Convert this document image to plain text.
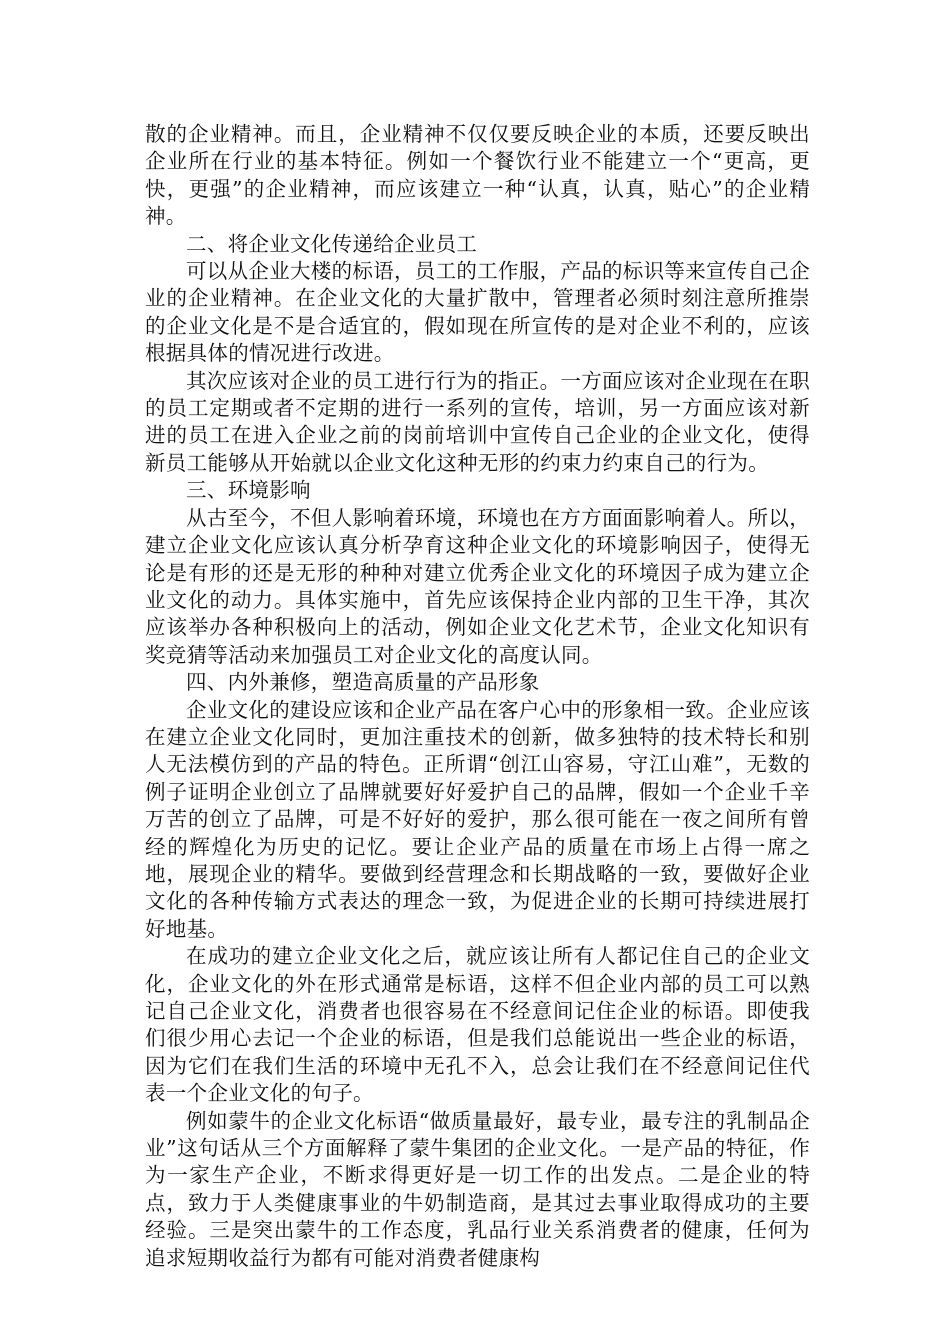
散的企业精神。而且，企业精神不仅仅要反映企业的本质，还要反映出企业所在行业的基本特征。例如一个餐饮行业不能建立一个“更高，更快，更强”的企业精神，而应该建立一种“认真，认真，贴心”的企业精神。

二、将企业文化传递给企业员工

可以从企业大楼的标语，员工的工作服，产品的标识等来宣传自己企业的企业精神。在企业文化的大量扩散中，管理者必须时刻注意所推崇的企业文化是不是合适宜的，假如现在所宣传的是对企业不利的，应该根据具体的情况进行改进。

其次应该对企业的员工进行行为的指正。一方面应该对企业现在在职的员工定期或者不定期的进行一系列的宣传，培训，另一方面应该对新进的员工在进入企业之前的岗前培训中宣传自己企业的企业文化，使得新员工能够从开始就以企业文化这种无形的约束力约束自己的行为。

三、环境影响

从古至今，不但人影响着环境，环境也在方方面面影响着人。所以，建立企业文化应该认真分析孕育这种企业文化的环境影响因子，使得无论是有形的还是无形的种种对建立优秀企业文化的环境因子成为建立企业文化的动力。具体实施中，首先应该保持企业内部的卫生干净，其次应该举办各种积极向上的活动，例如企业文化艺术节，企业文化知识有奖竞猜等活动来加强员工对企业文化的高度认同。

四、内外兼修，塑造高质量的产品形象

企业文化的建设应该和企业产品在客户心中的形象相一致。企业应该在建立企业文化同时，更加注重技术的创新，做多独特的技术特长和别人无法模仿到的产品的特色。正所谓“创江山容易，守江山难”，无数的例子证明企业创立了品牌就要好好爱护自己的品牌，假如一个企业千辛万苦的创立了品牌，可是不好好的爱护，那么很可能在一夜之间所有曾经的辉煌化为历史的记忆。要让企业产品的质量在市场上占得一席之地，展现企业的精华。要做到经营理念和长期战略的一致，要做好企业文化的各种传输方式表达的理念一致，为促进企业的长期可持续进展打好地基。

在成功的建立企业文化之后，就应该让所有人都记住自己的企业文化，企业文化的外在形式通常是标语，这样不但企业内部的员工可以熟记自己企业文化，消费者也很容易在不经意间记住企业的标语。即使我们很少用心去记一个企业的标语，但是我们总能说出一些企业的标语，因为它们在我们生活的环境中无孔不入，总会让我们在不经意间记住代表一个企业文化的句子。

例如蒙牛的企业文化标语“做质量最好，最专业，最专注的乳制品企业”这句话从三个方面解释了蒙牛集团的企业文化。一是产品的特征，作为一家生产企业，不断求得更好是一切工作的出发点。二是企业的特点，致力于人类健康事业的牛奶制造商，是其过去事业取得成功的主要经验。三是突出蒙牛的工作态度，乳品行业关系消费者的健康，任何为追求短期收益行为都有可能对消费者健康构
